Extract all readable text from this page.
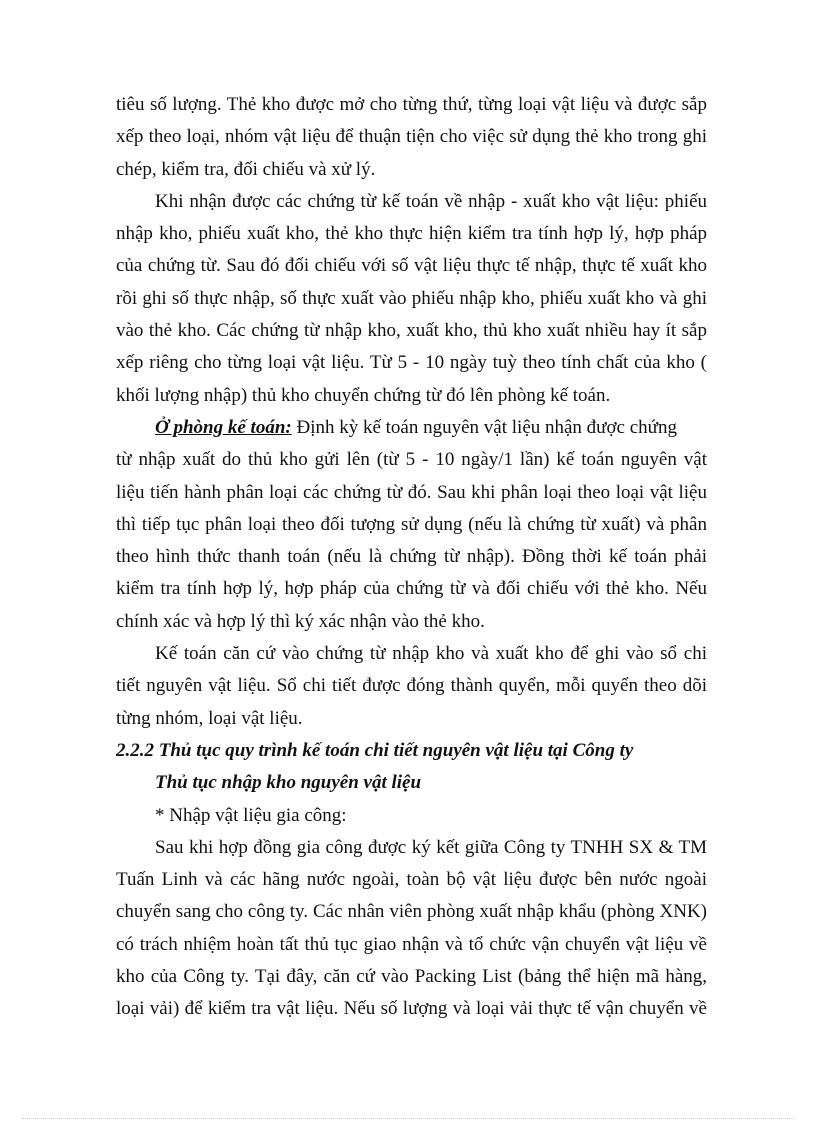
tiêu số lượng. Thẻ kho được mở cho từng thứ, từng loại vật liệu và được sắp
xếp theo loại, nhóm vật liệu để thuận tiện cho việc sử dụng thẻ kho trong ghi
chép, kiểm tra, đối chiếu và xử lý.
Khi nhận được các chứng từ kế toán về nhập - xuất kho vật liệu: phiếu
nhập kho, phiếu xuất kho, thẻ kho thực hiện kiểm tra tính hợp lý, hợp pháp
của chứng từ. Sau đó đối chiếu với số vật liệu thực tế nhập, thực tế xuất kho
rồi ghi số thực nhập, số thực xuất vào phiếu nhập kho, phiếu xuất kho và ghi
vào thẻ kho. Các chứng từ nhập kho, xuất kho, thủ kho xuất nhiều hay ít sắp
xếp riêng cho từng loại vật liệu. Từ 5 - 10 ngày tuỳ theo tính chất của kho (
khối lượng nhập) thủ kho chuyển chứng từ đó lên phòng kế toán.
Ở phòng kế toán: Định kỳ kế toán nguyên vật liệu nhận được chứng
từ nhập xuất do thủ kho gửi lên (từ 5 - 10 ngày/1 lần) kế toán nguyên vật
liệu tiến hành phân loại các chứng từ đó. Sau khi phân loại theo loại vật liệu
thì tiếp tục phân loại theo đối tượng sử dụng (nếu là chứng từ xuất) và phân
theo hình thức thanh toán (nếu là chứng từ nhập). Đồng thời kế toán phải
kiểm tra tính hợp lý, hợp pháp của chứng từ và đối chiếu với thẻ kho. Nếu
chính xác và hợp lý thì ký xác nhận vào thẻ kho.
Kế toán căn cứ vào chứng từ nhập kho và xuất kho để ghi vào sổ chi
tiết nguyên vật liệu. Sổ chi tiết được đóng thành quyển, mỗi quyển theo dõi
từng nhóm, loại vật liệu.
2.2.2 Thủ tục quy trình kế toán chi tiết nguyên vật liệu tại Công ty
Thủ tục nhập kho nguyên vật liệu
* Nhập vật liệu gia công:
Sau khi hợp đồng gia công được ký kết giữa Công ty TNHH SX & TM
Tuấn Linh và các hãng nước ngoài, toàn bộ vật liệu được bên nước ngoài
chuyển sang cho công ty. Các nhân viên phòng xuất nhập khẩu (phòng XNK)
có trách nhiệm hoàn tất thủ tục giao nhận và tổ chức vận chuyển vật liệu về
kho của Công ty. Tại đây, căn cứ vào Packing List (bảng thể hiện mã hàng,
loại vải) để kiểm tra vật liệu. Nếu số lượng và loại vải thực tế vận chuyển về
